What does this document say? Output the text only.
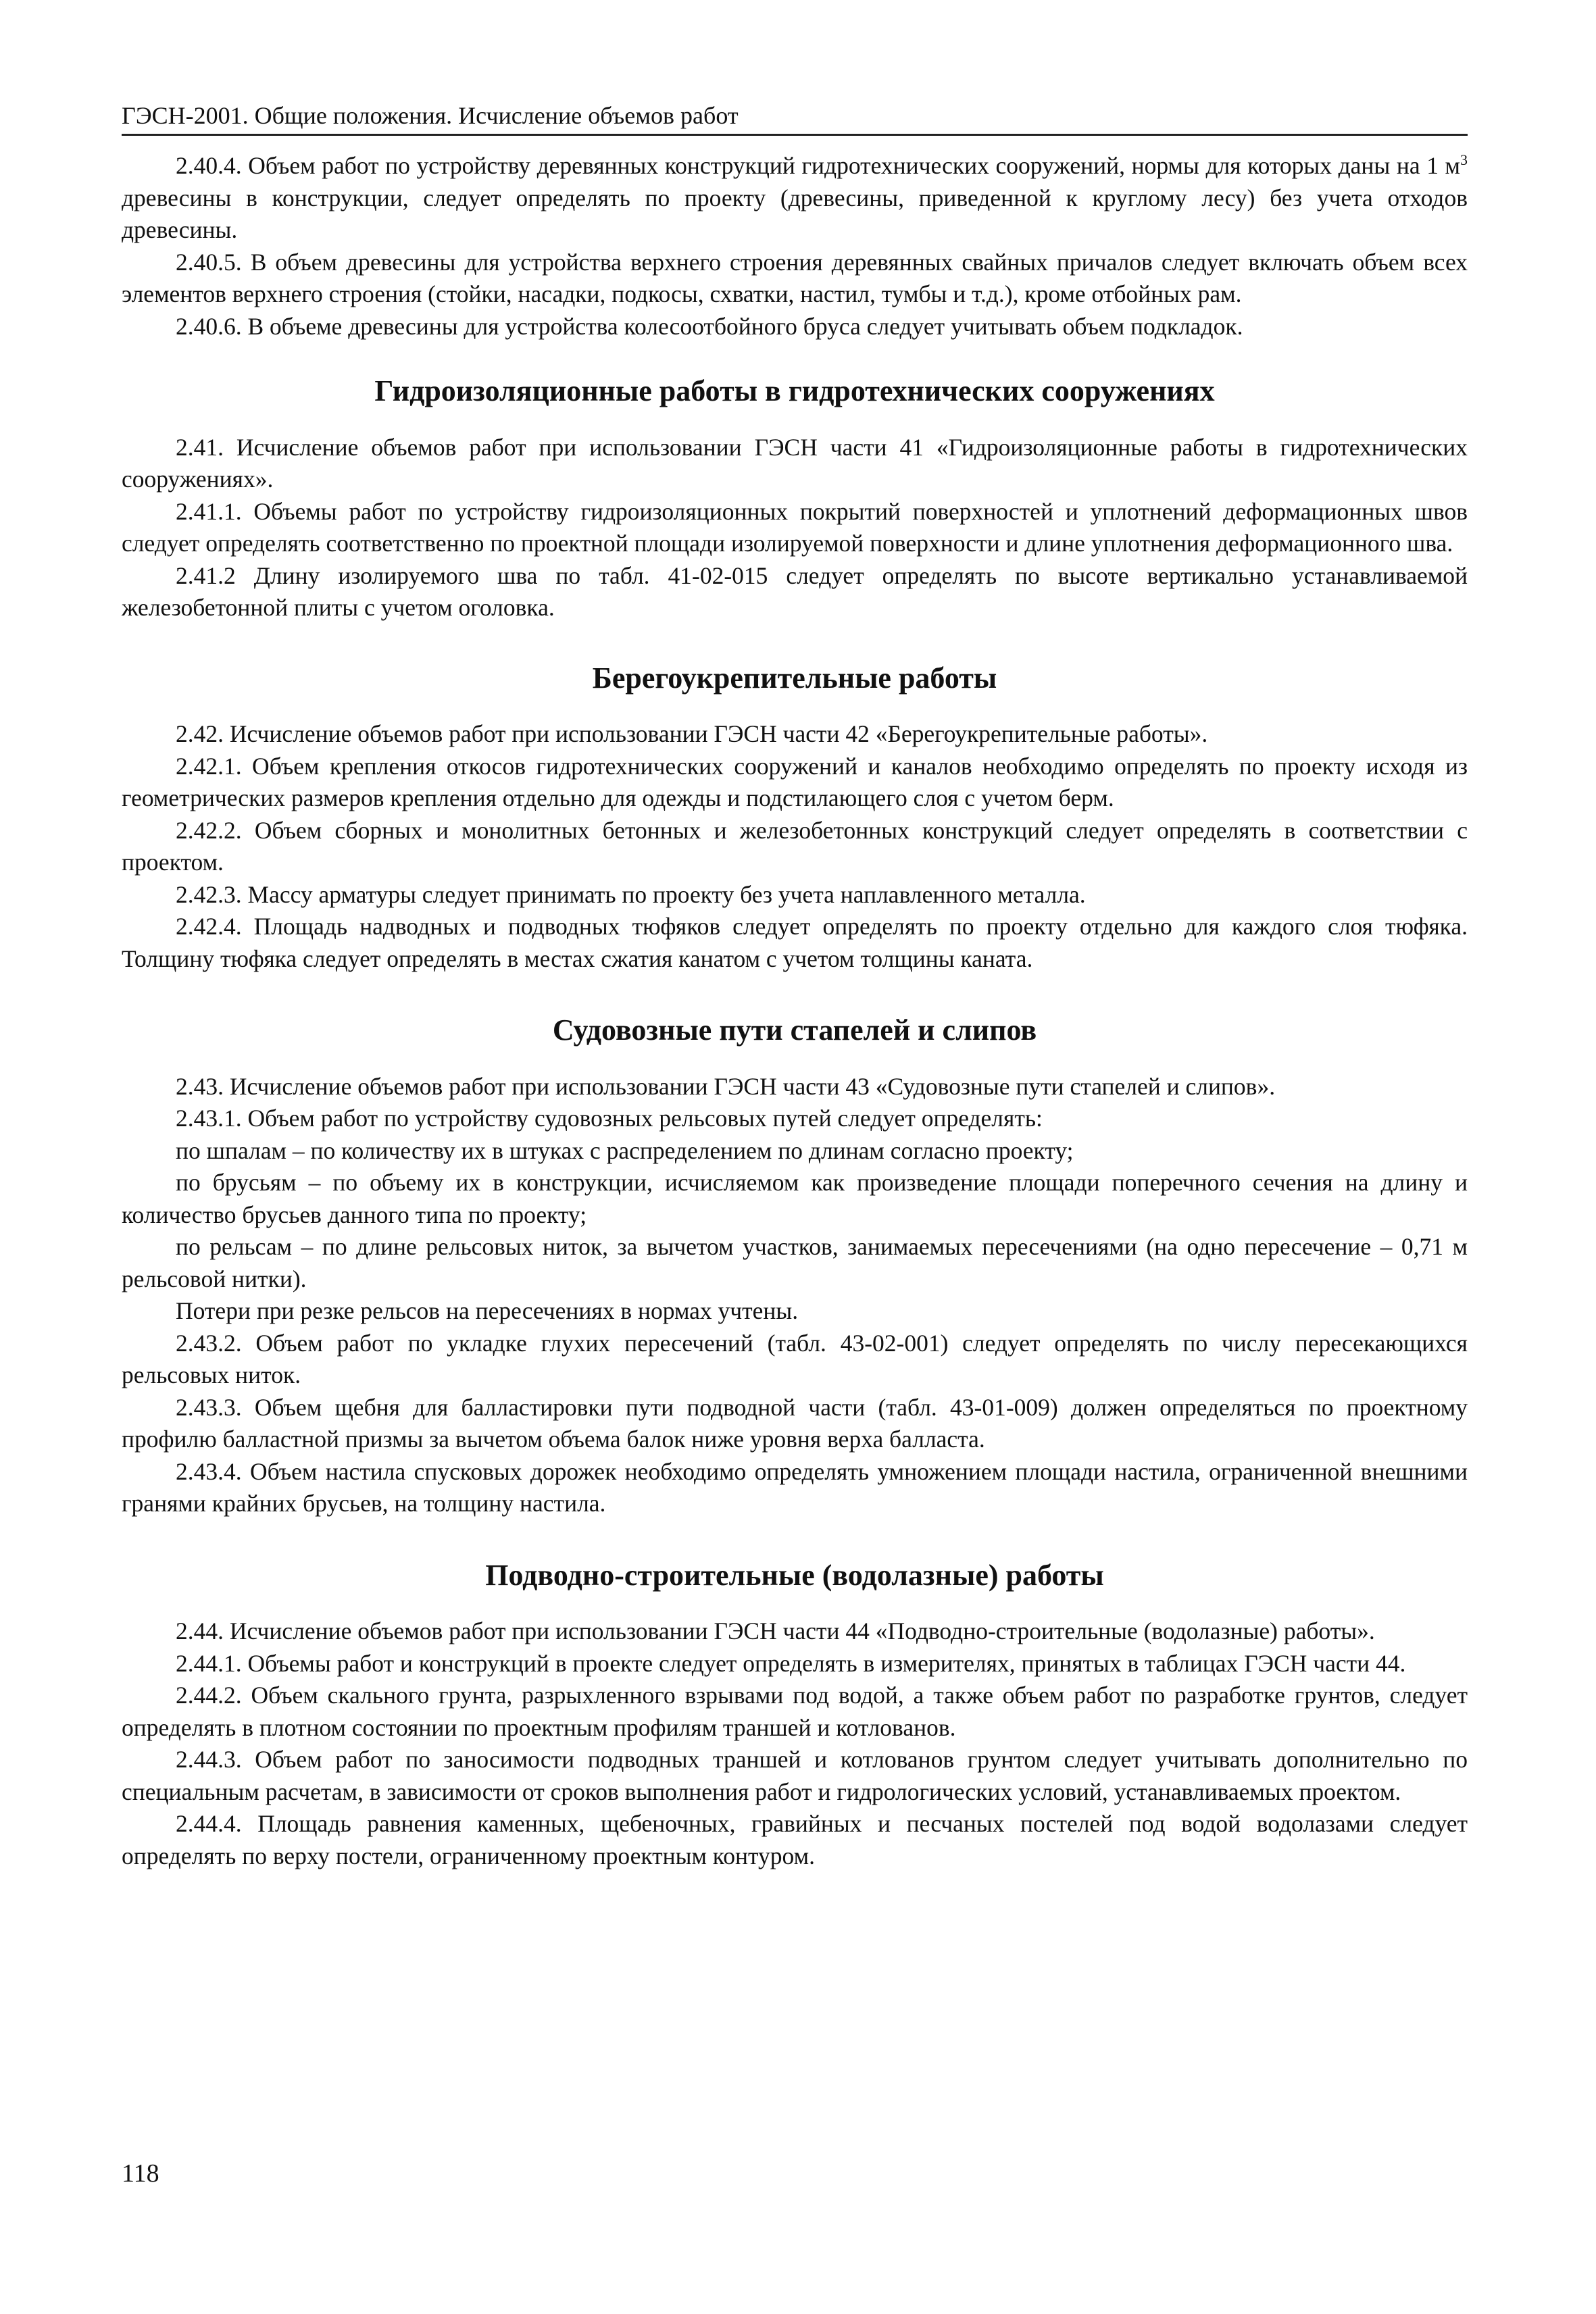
ГЭСН-2001. Общие положения. Исчисление объемов работ

2.40.4. Объем работ по устройству деревянных конструкций гидротехнических сооружений, нормы для которых даны на 1 $м^3$ древесины в конструкции, следует определять по проекту (древесины, приведенной к круглому лесу) без учета отходов древесины.

2.40.5. В объем древесины для устройства верхнего строения деревянных свайных причалов следует включать объем всех элементов верхнего строения (стойки, насадки, подкосы, схватки, настил, тумбы и т.д.), кроме отбойных рам.

2.40.6. В объеме древесины для устройства колесоотбойного бруса следует учитывать объем подкладок.

Гидроизоляционные работы в гидротехнических сооружениях

2.41. Исчисление объемов работ при использовании ГЭСН части 41 «Гидроизоляционные работы в гидротехнических сооружениях».

2.41.1. Объемы работ по устройству гидроизоляционных покрытий поверхностей и уплотнений деформационных швов следует определять соответственно по проектной площади изолируемой поверхности и длине уплотнения деформационного шва.

2.41.2 Длину изолируемого шва по табл. 41-02-015 следует определять по высоте вертикально устанавливаемой железобетонной плиты с учетом оголовка.

Берегоукрепительные работы

2.42. Исчисление объемов работ при использовании ГЭСН части 42 «Берегоукрепительные работы».

2.42.1. Объем крепления откосов гидротехнических сооружений и каналов необходимо определять по проекту исходя из геометрических размеров крепления отдельно для одежды и подстилающего слоя с учетом берм.

2.42.2. Объем сборных и монолитных бетонных и железобетонных конструкций следует определять в соответствии с проектом.

2.42.3. Массу арматуры следует принимать по проекту без учета наплавленного металла.

2.42.4. Площадь надводных и подводных тюфяков следует определять по проекту отдельно для каждого слоя тюфяка. Толщину тюфяка следует определять в местах сжатия канатом с учетом толщины каната.

Судовозные пути стапелей и слипов

2.43. Исчисление объемов работ при использовании ГЭСН части 43 «Судовозные пути стапелей и слипов».

2.43.1. Объем работ по устройству судовозных рельсовых путей следует определять:

по шпалам – по количеству их в штуках с распределением по длинам согласно проекту;

по брусьям – по объему их в конструкции, исчисляемом как произведение площади поперечного сечения на длину и количество брусьев данного типа по проекту;

по рельсам – по длине рельсовых ниток, за вычетом участков, занимаемых пересечениями (на одно пересечение – 0,71 м рельсовой нитки).

Потери при резке рельсов на пересечениях в нормах учтены.

2.43.2. Объем работ по укладке глухих пересечений (табл. 43-02-001) следует определять по числу пересекающихся рельсовых ниток.

2.43.3. Объем щебня для балластировки пути подводной части (табл. 43-01-009) должен определяться по проектному профилю балластной призмы за вычетом объема балок ниже уровня верха балласта.

2.43.4. Объем настила спусковых дорожек необходимо определять умножением площади настила, ограниченной внешними гранями крайних брусьев, на толщину настила.

Подводно-строительные (водолазные) работы

2.44. Исчисление объемов работ при использовании ГЭСН части 44 «Подводно-строительные (водолазные) работы».

2.44.1. Объемы работ и конструкций в проекте следует определять в измерителях, принятых в таблицах ГЭСН части 44.

2.44.2. Объем скального грунта, разрыхленного взрывами под водой, а также объем работ по разработке грунтов, следует определять в плотном состоянии по проектным профилям траншей и котлованов.

2.44.3. Объем работ по заносимости подводных траншей и котлованов грунтом следует учитывать дополнительно по специальным расчетам, в зависимости от сроков выполнения работ и гидрологических условий, устанавливаемых проектом.

2.44.4. Площадь равнения каменных, щебеночных, гравийных и песчаных постелей под водой водолазами следует определять по верху постели, ограниченному проектным контуром.

118
